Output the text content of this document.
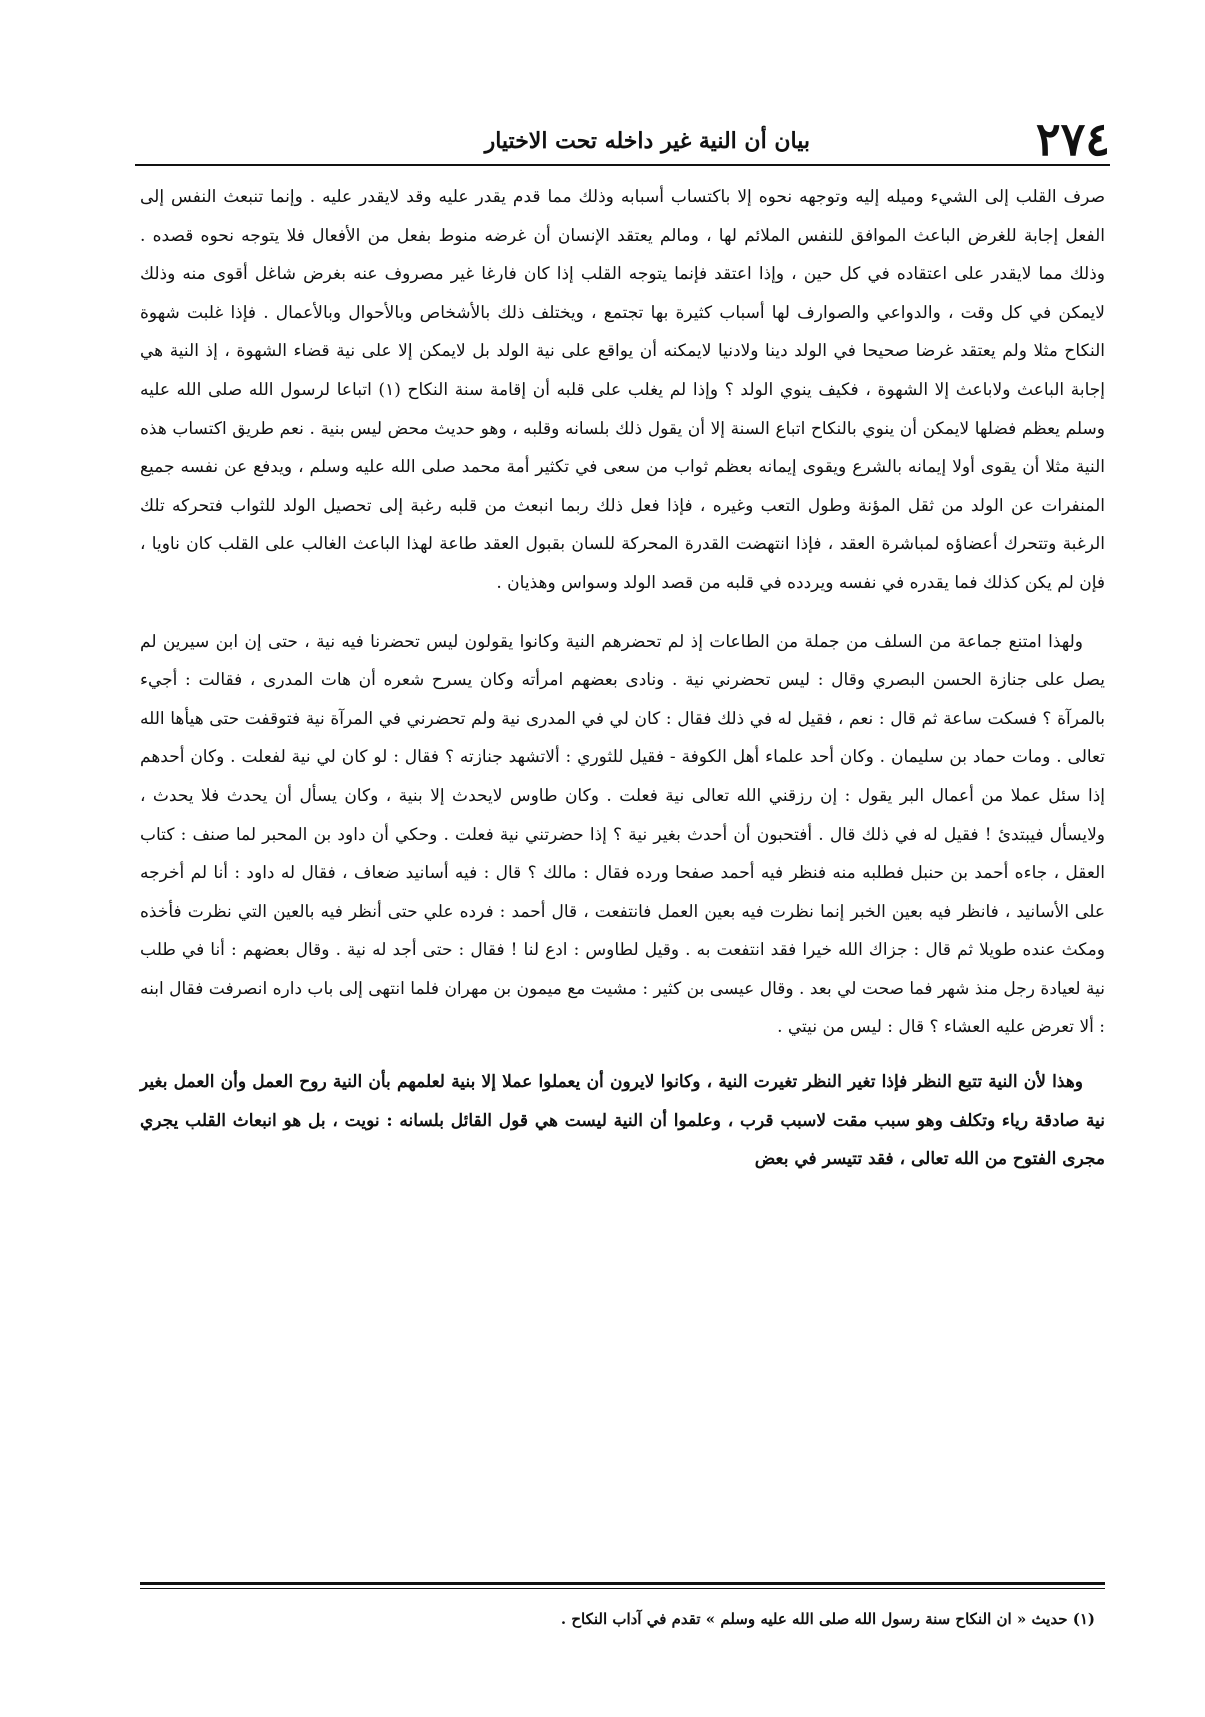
٢٧٤
بيان أن النية غير داخله تحت الاختيار

صرف القلب إلى الشيء وميله إليه وتوجهه نحوه إلا باكتساب أسبابه وذلك مما قدم يقدر عليه وقد لايقدر عليه . وإنما تنبعث النفس إلى الفعل إجابة للغرض الباعث الموافق للنفس الملائم لها ، ومالم يعتقد الإنسان أن غرضه منوط بفعل من الأفعال فلا يتوجه نحوه قصده . وذلك مما لايقدر على اعتقاده في كل حين ، وإذا اعتقد فإنما يتوجه القلب إذا كان فارغا غير مصروف عنه بغرض شاغل أقوى منه وذلك لايمكن في كل وقت ، والدواعي والصوارف لها أسباب كثيرة بها تجتمع ، ويختلف ذلك بالأشخاص وبالأحوال وبالأعمال . فإذا غلبت شهوة النكاح مثلا ولم يعتقد غرضا صحيحا في الولد دينا ولادنيا لايمكنه أن يواقع على نية الولد بل لايمكن إلا على نية قضاء الشهوة ، إذ النية هي إجابة الباعث ولاباعث إلا الشهوة ، فكيف ينوي الولد ؟ وإذا لم يغلب على قلبه أن إقامة سنة النكاح (١) اتباعا لرسول الله صلى الله عليه وسلم يعظم فضلها لايمكن أن ينوي بالنكاح اتباع السنة إلا أن يقول ذلك بلسانه وقلبه ، وهو حديث محض ليس بنية . نعم طريق اكتساب هذه النية مثلا أن يقوى أولا إيمانه بالشرع ويقوى إيمانه بعظم ثواب من سعى في تكثير أمة محمد صلى الله عليه وسلم ، ويدفع عن نفسه جميع المنفرات عن الولد من ثقل المؤنة وطول التعب وغيره ، فإذا فعل ذلك ربما انبعث من قلبه رغبة إلى تحصيل الولد للثواب فتحركه تلك الرغبة وتتحرك أعضاؤه لمباشرة العقد ، فإذا انتهضت القدرة المحركة للسان بقبول العقد طاعة لهذا الباعث الغالب على القلب كان ناويا ، فإن لم يكن كذلك فما يقدره في نفسه ويردده في قلبه من قصد الولد وسواس وهذيان .

ولهذا امتنع جماعة من السلف من جملة من الطاعات إذ لم تحضرهم النية وكانوا يقولون ليس تحضرنا فيه نية ، حتى إن ابن سيرين لم يصل على جنازة الحسن البصري وقال : ليس تحضرني نية . ونادى بعضهم امرأته وكان يسرح شعره أن هات المدرى ، فقالت : أجيء بالمرآة ؟ فسكت ساعة ثم قال : نعم ، فقيل له في ذلك فقال : كان لي في المدرى نية ولم تحضرني في المرآة نية فتوقفت حتى هيأها الله تعالى . ومات حماد بن سليمان . وكان أحد علماء أهل الكوفة - فقيل للثوري : ألاتشهد جنازته ؟ فقال : لو كان لي نية لفعلت . وكان أحدهم إذا سئل عملا من أعمال البر يقول : إن رزقني الله تعالى نية فعلت . وكان طاوس لايحدث إلا بنية ، وكان يسأل أن يحدث فلا يحدث ، ولايسأل فيبتدئ ! فقيل له في ذلك قال . أفتحبون أن أحدث بغير نية ؟ إذا حضرتني نية فعلت . وحكي أن داود بن المحبر لما صنف : كتاب العقل ، جاءه أحمد بن حنبل فطلبه منه فنظر فيه أحمد صفحا ورده فقال : مالك ؟ قال : فيه أسانيد ضعاف ، فقال له داود : أنا لم أخرجه على الأسانيد ، فانظر فيه بعين الخبر إنما نظرت فيه بعين العمل فانتفعت ، قال أحمد : فرده علي حتى أنظر فيه بالعين التي نظرت فأخذه ومكث عنده طويلا ثم قال : جزاك الله خيرا فقد انتفعت به . وقيل لطاوس : ادع لنا ! فقال : حتى أجد له نية . وقال بعضهم : أنا في طلب نية لعيادة رجل منذ شهر فما صحت لي بعد . وقال عيسى بن كثير : مشيت مع ميمون بن مهران فلما انتهى إلى باب داره انصرفت فقال ابنه : ألا تعرض عليه العشاء ؟ قال : ليس من نيتي .

وهذا لأن النية تتبع النظر فإذا تغير النظر تغيرت النية ، وكانوا لايرون أن يعملوا عملا إلا بنية لعلمهم بأن النية روح العمل وأن العمل بغير نية صادقة رياء وتكلف وهو سبب مقت لاسبب قرب ، وعلموا أن النية ليست هي قول القائل بلسانه : نويت ، بل هو انبعاث القلب يجري مجرى الفتوح من الله تعالى ، فقد تتيسر في بعض

(١) حديث « ان النكاح سنة رسول الله صلى الله عليه وسلم » تقدم في آداب النكاح .
